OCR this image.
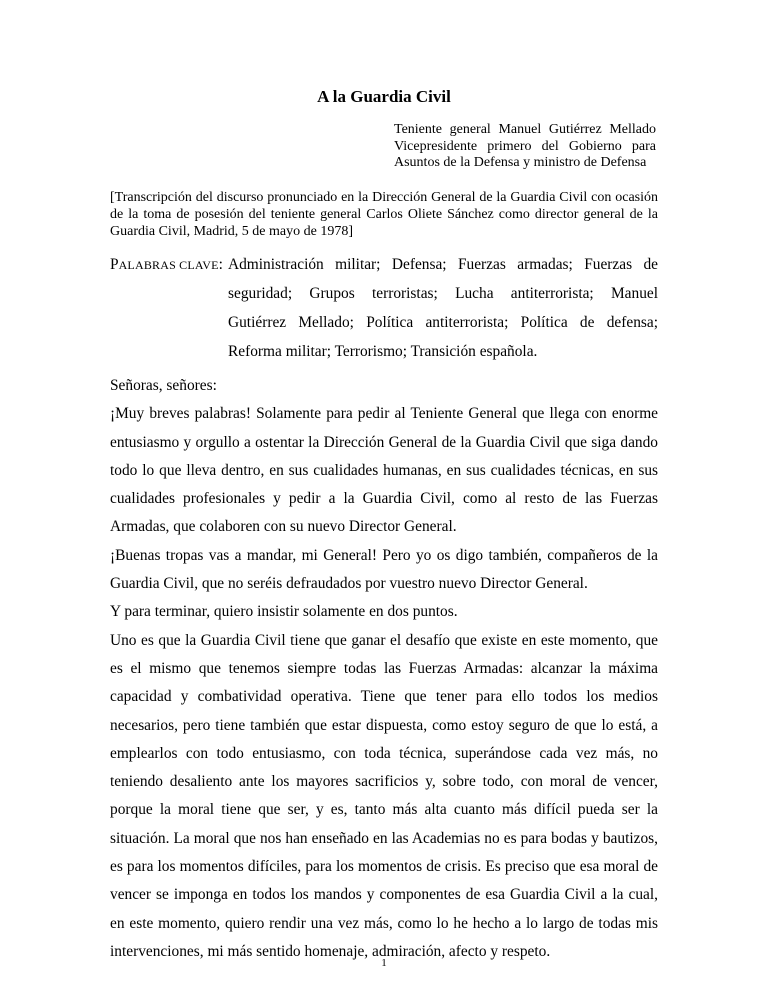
A la Guardia Civil
Teniente general Manuel Gutiérrez Mellado
Vicepresidente primero del Gobierno para
Asuntos de la Defensa y ministro de Defensa
[Transcripción del discurso pronunciado en la Dirección General de la Guardia Civil con ocasión de la toma de posesión del teniente general Carlos Oliete Sánchez como director general de la Guardia Civil, Madrid, 5 de mayo de 1978]
PALABRAS CLAVE: Administración militar; Defensa; Fuerzas armadas; Fuerzas de
seguridad; Grupos terroristas; Lucha antiterrorista; Manuel
Gutiérrez Mellado; Política antiterrorista; Política de defensa;
Reforma militar; Terrorismo; Transición española.

Señoras, señores:

¡Muy breves palabras! Solamente para pedir al Teniente General que llega con enorme entusiasmo y orgullo a ostentar la Dirección General de la Guardia Civil que siga dando todo lo que lleva dentro, en sus cualidades humanas, en sus cualidades técnicas, en sus cualidades profesionales y pedir a la Guardia Civil, como al resto de las Fuerzas Armadas, que colaboren con su nuevo Director General.

¡Buenas tropas vas a mandar, mi General! Pero yo os digo también, compañeros de la Guardia Civil, que no seréis defraudados por vuestro nuevo Director General.

Y para terminar, quiero insistir solamente en dos puntos.

Uno es que la Guardia Civil tiene que ganar el desafío que existe en este momento, que es el mismo que tenemos siempre todas las Fuerzas Armadas: alcanzar la máxima capacidad y combatividad operativa. Tiene que tener para ello todos los medios necesarios, pero tiene también que estar dispuesta, como estoy seguro de que lo está, a emplearlos con todo entusiasmo, con toda técnica, superándose cada vez más, no teniendo desaliento ante los mayores sacrificios y, sobre todo, con moral de vencer, porque la moral tiene que ser, y es, tanto más alta cuanto más difícil pueda ser la situación. La moral que nos han enseñado en las Academias no es para bodas y bautizos, es para los momentos difíciles, para los momentos de crisis. Es preciso que esa moral de vencer se imponga en todos los mandos y componentes de esa Guardia Civil a la cual, en este momento, quiero rendir una vez más, como lo he hecho a lo largo de todas mis intervenciones, mi más sentido homenaje, admiración, afecto y respeto.

1
